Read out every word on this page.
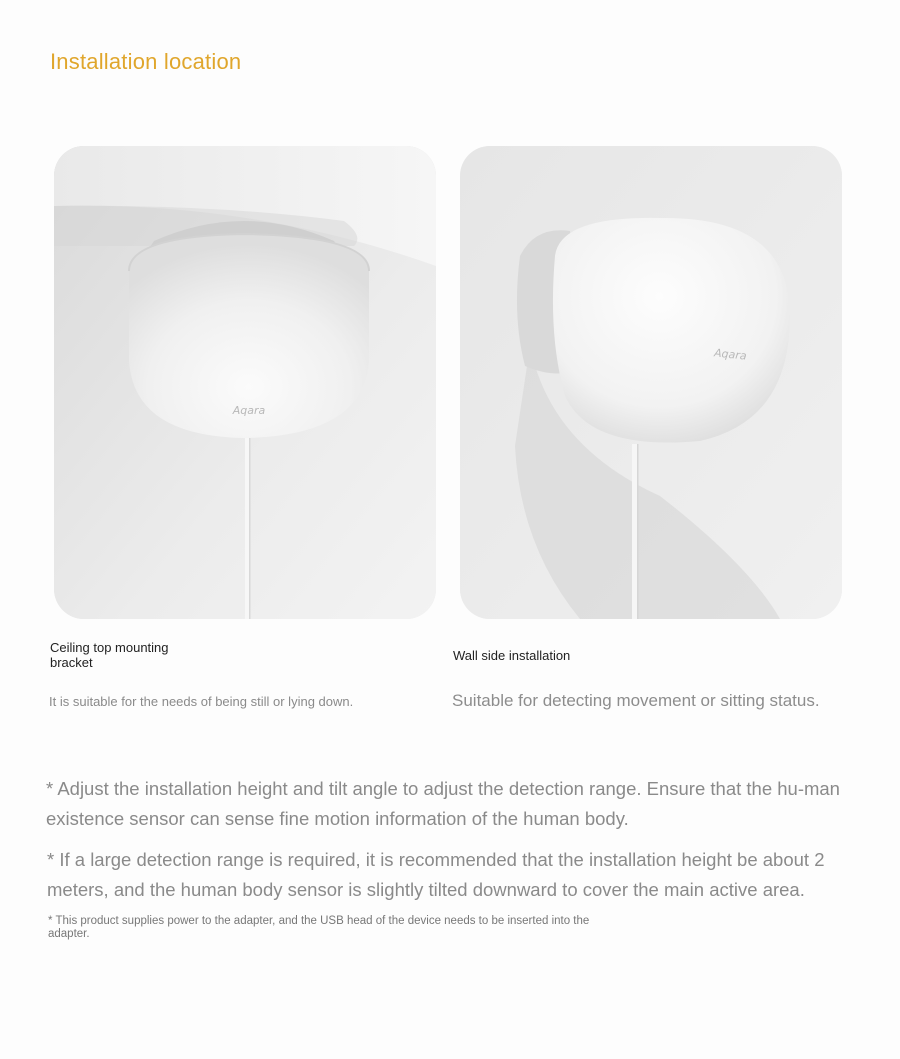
Installation location
Aqara
Aqara
Ceiling top mounting bracket	Wall side installation
It is suitable for the needs of being still or lying down.	Suitable for detecting movement or sitting status.
* Adjust the installation height and tilt angle to adjust the detection range. Ensure that the hu-man existence sensor can sense fine motion information of the human body.
* If a large detection range is required, it is recommended that the installation height be about 2 meters, and the human body sensor is slightly tilted downward to cover the main active area.
* This product supplies power to the adapter, and the USB head of the device needs to be inserted into the adapter.
